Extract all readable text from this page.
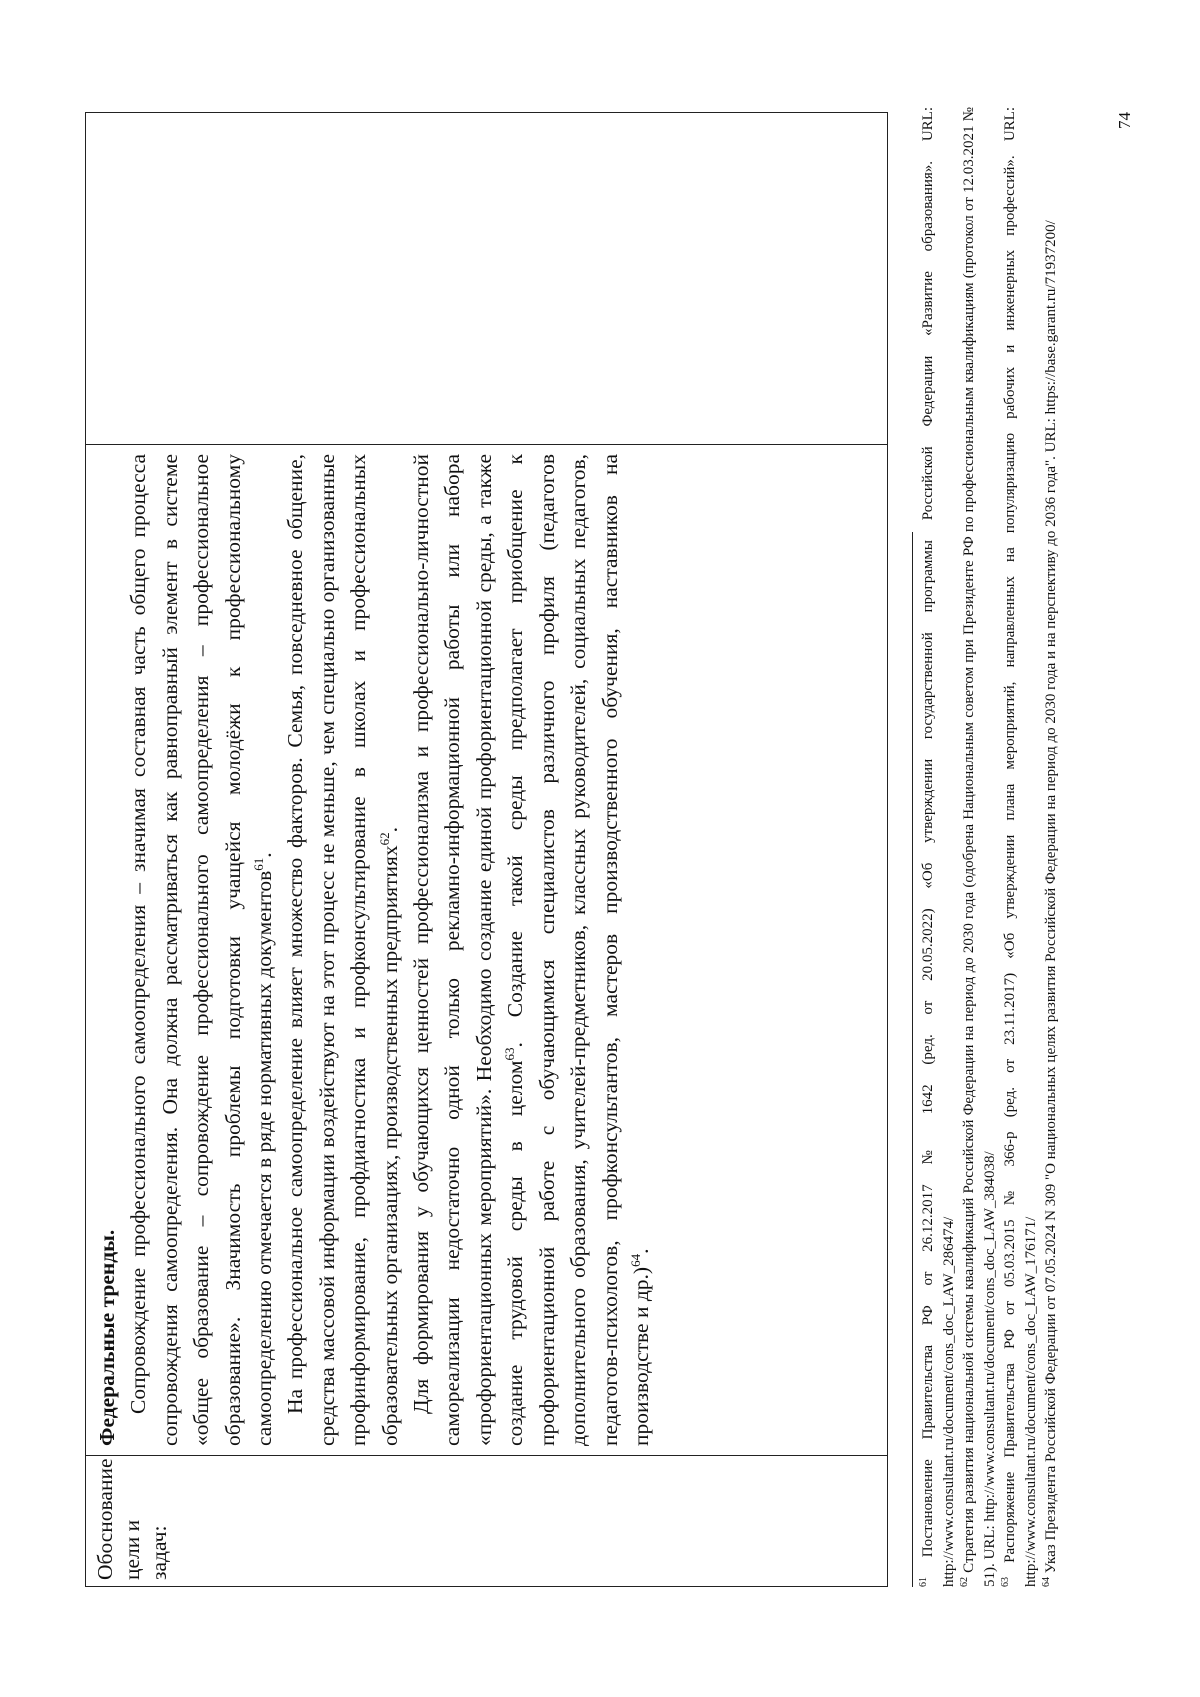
Обоснование цели и задач:

Федеральные тренды. Сопровождение профессионального самоопределения – значимая составная часть общего процесса сопровождения самоопределения. Она должна рассматриваться как равноправный элемент в системе «общее образование – сопровождение профессионального самоопределения – профессиональное образование». Значимость проблемы подготовки учащейся молодёжи к профессиональному самоопределению отмечается в ряде нормативных документов$^{61}$. На профессиональное самоопределение влияет множество факторов. Семья, повседневное общение, средства массовой информации воздействуют на этот процесс не меньше, чем специально организованные профинформирование, профдиагностика и профконсультирование в школах и профессиональных образовательных организациях, производственных предприятиях$^{62}$. Для формирования у обучающихся ценностей профессионализма и профессионально-личностной самореализации недостаточно одной только рекламно-информационной работы или набора «профориентационных мероприятий». Необходимо создание единой профориентационной среды, а также создание трудовой среды в целом$^{63}$. Создание такой среды предполагает приобщение к профориентационной работе с обучающимися специалистов различного профиля (педагогов дополнительного образования, учителей-предметников, классных руководителей, социальных педагогов, педагогов-психологов, профконсультантов, мастеров производственного обучения, наставников на производстве и др.)$^{64}$.

$^{61}$ Постановление Правительства РФ от 26.12.2017 № 1642 (ред. от 20.05.2022) «Об утверждении государственной программы Российской Федерации «Развитие образования». URL: http://www.consultant.ru/document/cons_doc_LAW_286474/ $^{62}$ Стратегия развития национальной системы квалификаций Российской Федерации на период до 2030 года (одобрена Национальным советом при Президенте РФ по профессиональным квалификациям (протокол от 12.03.2021 № 51). URL: http://www.consultant.ru/document/cons_doc_LAW_384038/ $^{63}$ Распоряжение Правительства РФ от 05.03.2015 № 366-р (ред. от 23.11.2017) «Об утверждении плана мероприятий, направленных на популяризацию рабочих и инженерных профессий». URL: http://www.consultant.ru/document/cons_doc_LAW_176171/ $^{64}$ Указ Президента Российской Федерации от 07.05.2024 N 309 "О национальных целях развития Российской Федерации на период до 2030 года и на перспективу до 2036 года". URL: https://base.garant.ru/71937200/

74
